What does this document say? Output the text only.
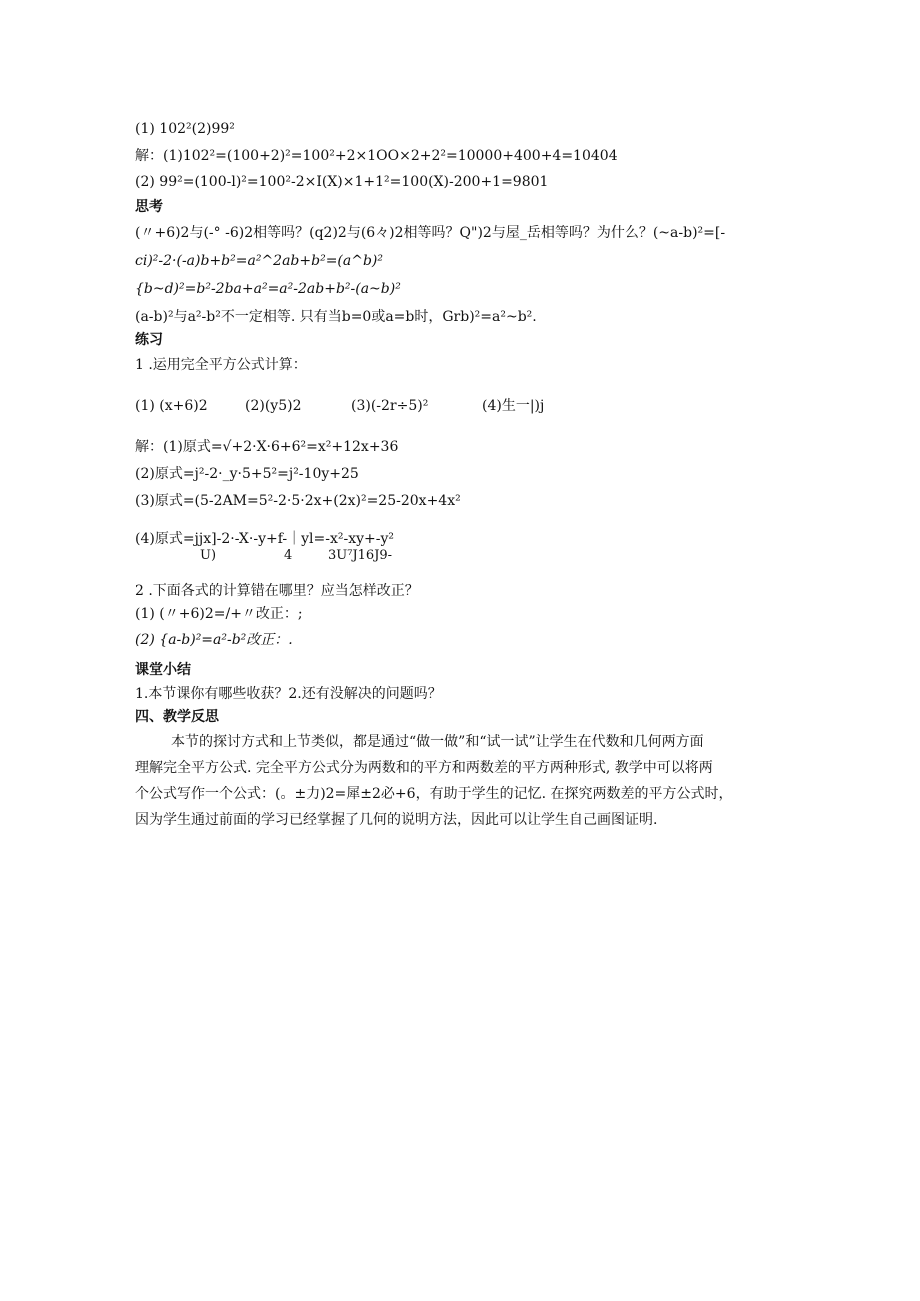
(1) 102²(2)99²
解：(1)102²=(100+2)²=100²+2×1OO×2+2²=10000+400+4=10404
(2) 99²=(100-l)²=100²-2×I(X)×1+1²=100(X)-200+1=9801
思考
(〃+6)2与(-° -6)2相等吗？(q2)2与(6々)2相等吗？Q")2与屋_岳相等吗？为什么？(~a-b)²=[-
ci)²-2·(-a)b+b²=a²^2ab+b²=(a^b)²
{b~d)²=b²-2ba+a²=a²-2ab+b²-(a~b)²
(a-b)²与a²-b²不一定相等. 只有当b=0或a=b时，Grb)²=a²~b².
练习
1 .运用完全平方公式计算：
(1) (x+6)2	(2)(y5)2	(3)(-2r÷5)²	(4)生一|)j
解：(1)原式=√+2·X·6+6²=x²+12x+36
(2)原式=j²-2·_y·5+5²=j²-10y+25
(3)原式=(5-2AM=5²-2·5·2x+(2x)²=25-20x+4x²
(4)原式=jjx]-2·-X·-y+f-｜yl=-x²-xy+-y²
U)	4	3U⁷J16J9-
2 .下面各式的计算错在哪里？应当怎样改正？
(1) (〃+6)2=/+〃改正：;
(2) {a-b)²=a²-b²改正：.
课堂小结
1.本节课你有哪些收获？2.还有没解决的问题吗？
四、教学反思
本节的探讨方式和上节类似，都是通过“做一做”和“试一试”让学生在代数和几何两方面
理解完全平方公式. 完全平方公式分为两数和的平方和两数差的平方两种形式, 教学中可以将两
个公式写作一个公式：(。±力)2=犀±2必+6，有助于学生的记忆. 在探究两数差的平方公式时，
因为学生通过前面的学习已经掌握了几何的说明方法，因此可以让学生自己画图证明.
